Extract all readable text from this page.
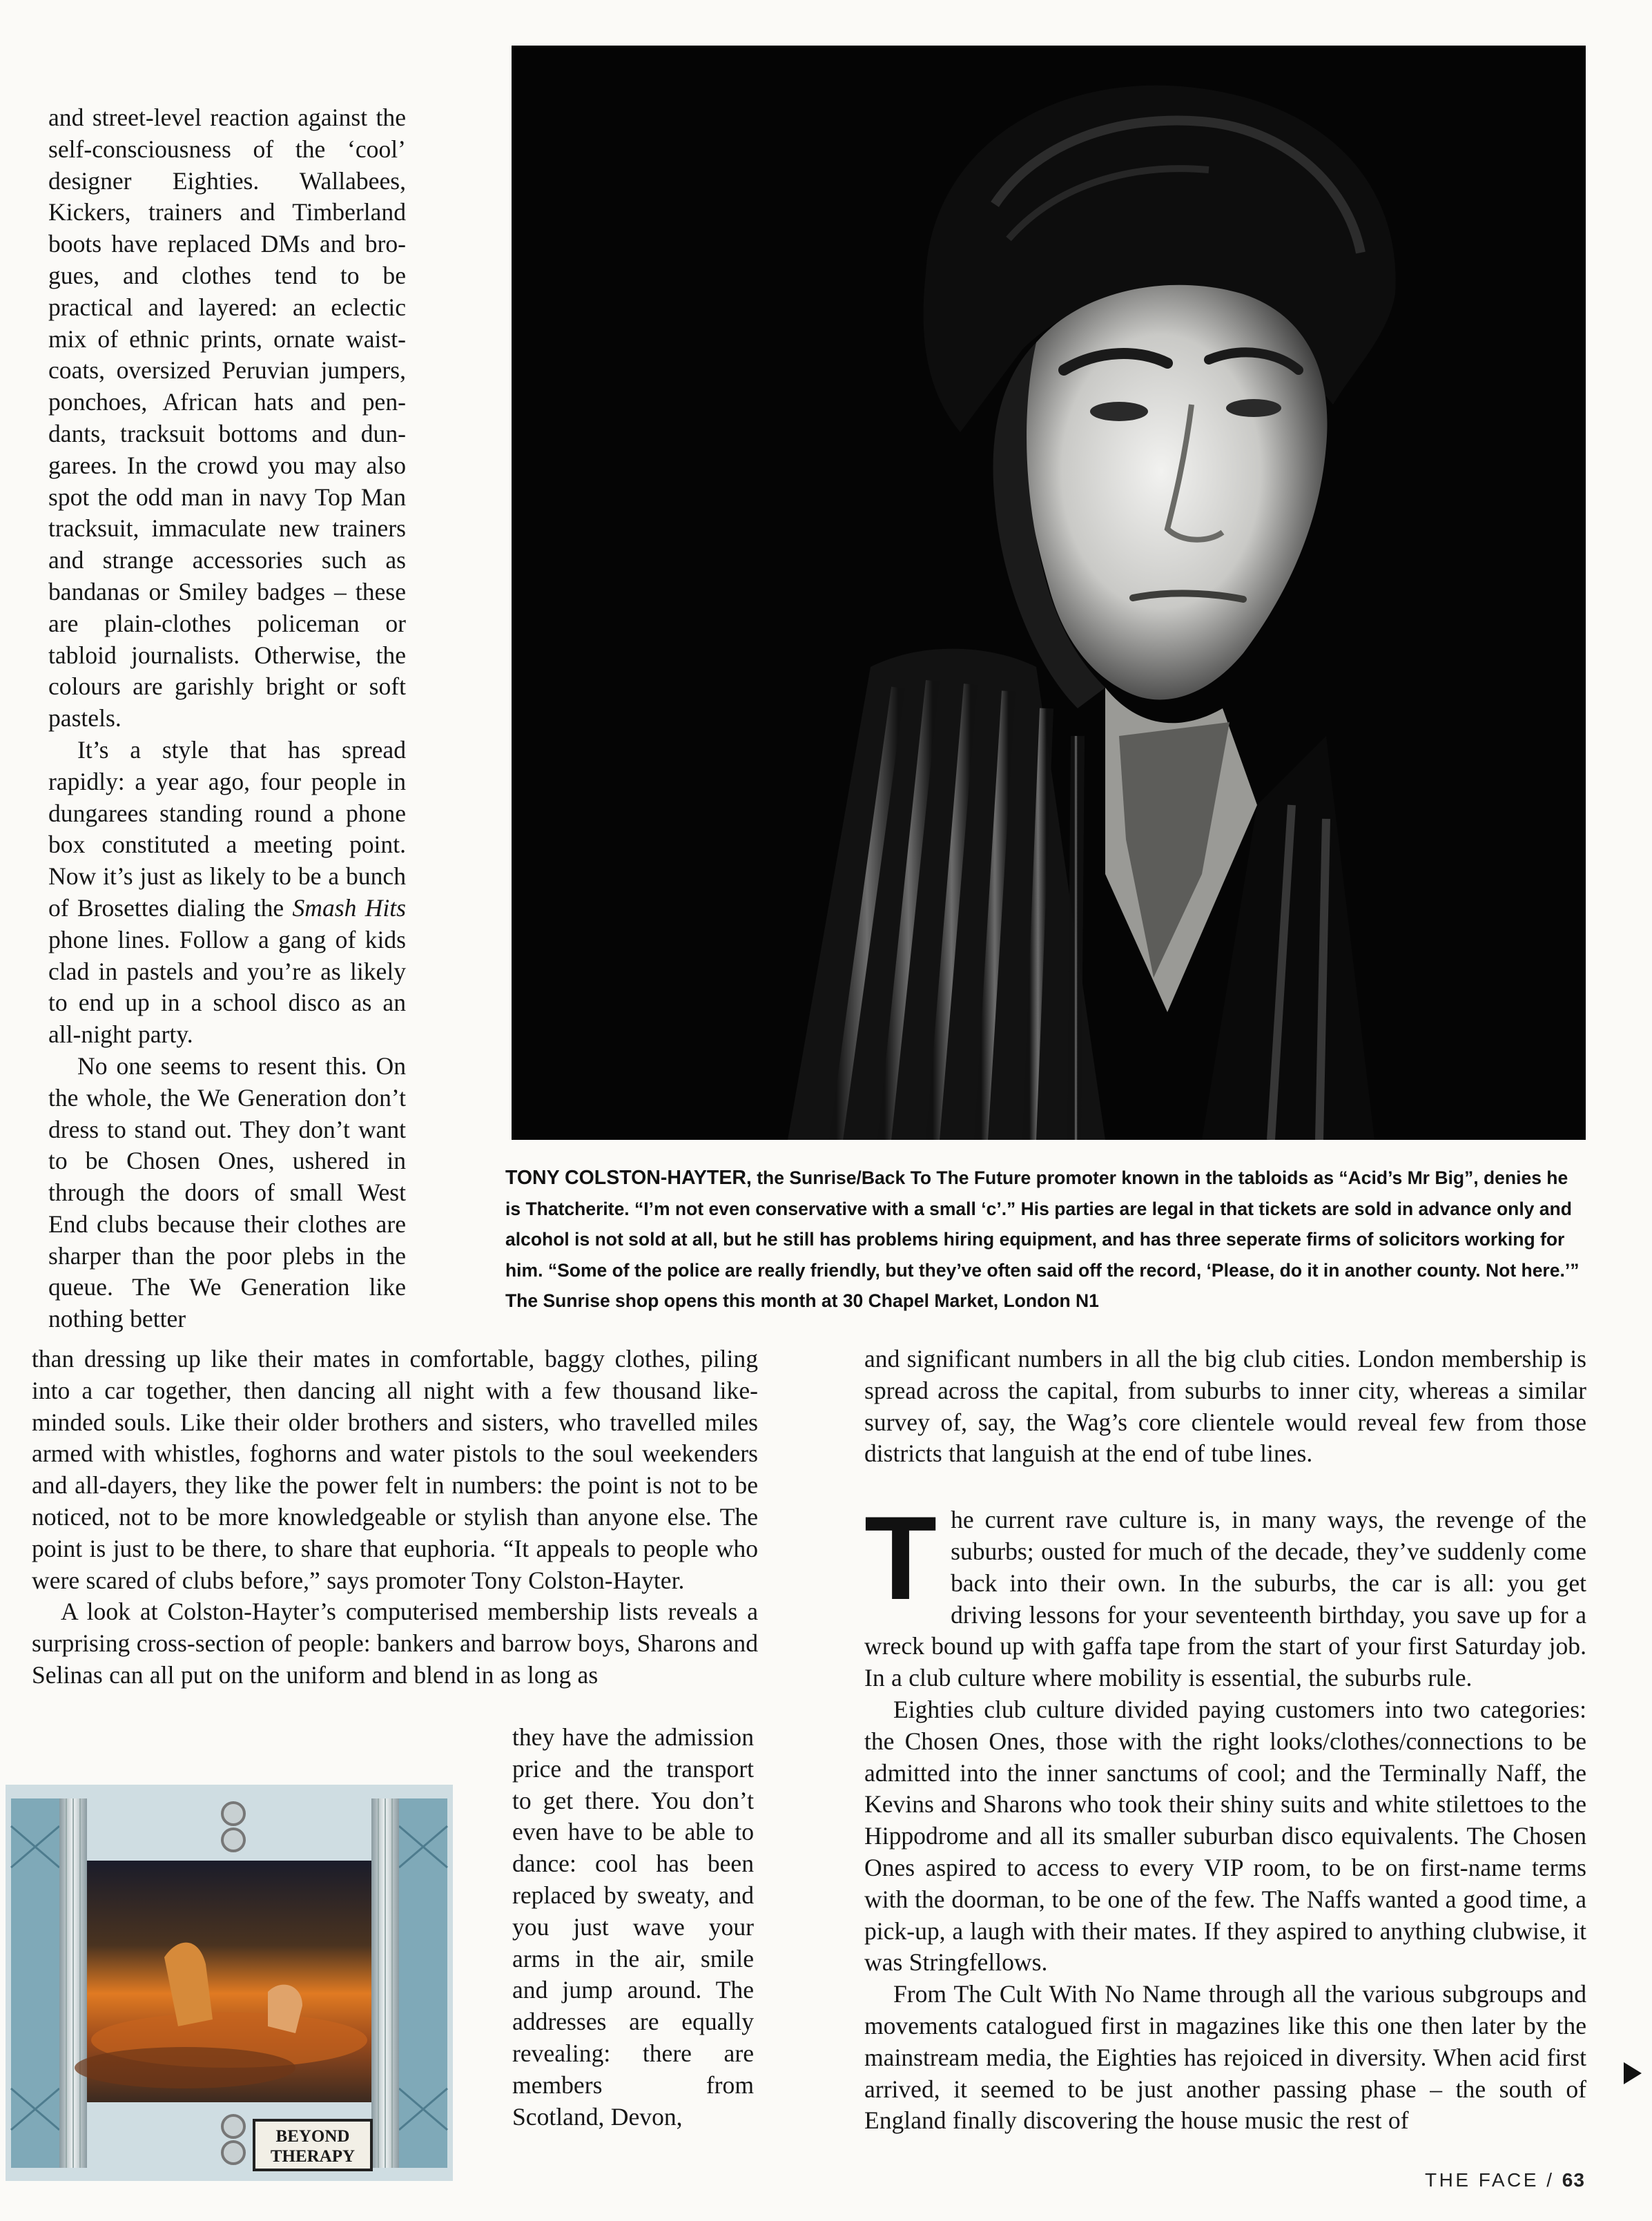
and street-level reaction against the self-consciousness of the ‘cool’ designer Eighties. Wallabees, Kickers, trainers and Timberland boots have replaced DMs and brogues, and clothes tend to be practical and layered: an eclectic mix of ethnic prints, ornate waistcoats, oversized Peruvian jumpers, ponchoes, African hats and pendants, tracksuit bottoms and dungarees. In the crowd you may also spot the odd man in navy Top Man tracksuit, immaculate new trainers and strange accessories such as bandanas or Smiley badges – these are plain-clothes policeman or tabloid journalists. Otherwise, the colours are garishly bright or soft pastels.

It’s a style that has spread rapidly: a year ago, four people in dungarees standing round a phone box constituted a meeting point. Now it’s just as likely to be a bunch of Brosettes dialing the Smash Hits phone lines. Follow a gang of kids clad in pastels and you’re as likely to end up in a school disco as an all-night party.

No one seems to resent this. On the whole, the We Generation don’t dress to stand out. They don’t want to be Chosen Ones, ushered in through the doors of small West End clubs because their clothes are sharper than the poor plebs in the queue. The We Generation like nothing better

than dressing up like their mates in comfortable, baggy clothes, piling into a car together, then dancing all night with a few thousand like-minded souls. Like their older brothers and sisters, who travelled miles armed with whistles, foghorns and water pistols to the soul weekenders and all-dayers, they like the power felt in numbers: the point is not to be noticed, not to be more knowledgeable or stylish than anyone else. The point is just to be there, to share that euphoria. “It appeals to people who were scared of clubs before,” says promoter Tony Colston-Hayter.

A look at Colston-Hayter’s computerised membership lists reveals a surprising cross-section of people: bankers and barrow boys, Sharons and Selinas can all put on the uniform and blend in as long as

they have the admission price and the transport to get there. You don’t even have to be able to dance: cool has been replaced by sweaty, and you just wave your arms in the air, smile and jump around. The addresses are equally revealing: there are members from Scotland, Devon,

and significant numbers in all the big club cities. London membership is spread across the capital, from suburbs to inner city, whereas a similar survey of, say, the Wag’s core clientele would reveal few from those districts that languish at the end of tube lines.

The current rave culture is, in many ways, the revenge of the suburbs; ousted for much of the decade, they’ve suddenly come back into their own. In the suburbs, the car is all: you get driving lessons for your seventeenth birthday, you save up for a wreck bound up with gaffa tape from the start of your first Saturday job. In a club culture where mobility is essential, the suburbs rule.

Eighties club culture divided paying customers into two categories: the Chosen Ones, those with the right looks/clothes/connections to be admitted into the inner sanctums of cool; and the Terminally Naff, the Kevins and Sharons who took their shiny suits and white stilettoes to the Hippodrome and all its smaller suburban disco equivalents. The Chosen Ones aspired to access to every VIP room, to be on first-name terms with the doorman, to be one of the few. The Naffs wanted a good time, a pick-up, a laugh with their mates. If they aspired to anything clubwise, it was Stringfellows.

From The Cult With No Name through all the various subgroups and movements catalogued first in magazines like this one then later by the mainstream media, the Eighties has rejoiced in diversity. When acid first arrived, it seemed to be just another passing phase – the south of England finally discovering the house music the rest of

TONY COLSTON-HAYTER, the Sunrise/Back To The Future promoter known in the tabloids as “Acid’s Mr Big”, denies he is Thatcherite. “I’m not even conservative with a small ‘c’.” His parties are legal in that tickets are sold in advance only and alcohol is not sold at all, but he still has problems hiring equipment, and has three seperate firms of solicitors working for him. “Some of the police are really friendly, but they’ve often said off the record, ‘Please, do it in another county. Not here.’” The Sunrise shop opens this month at 30 Chapel Market, London N1
BEYOND
THERAPY
THE FACE / 63
